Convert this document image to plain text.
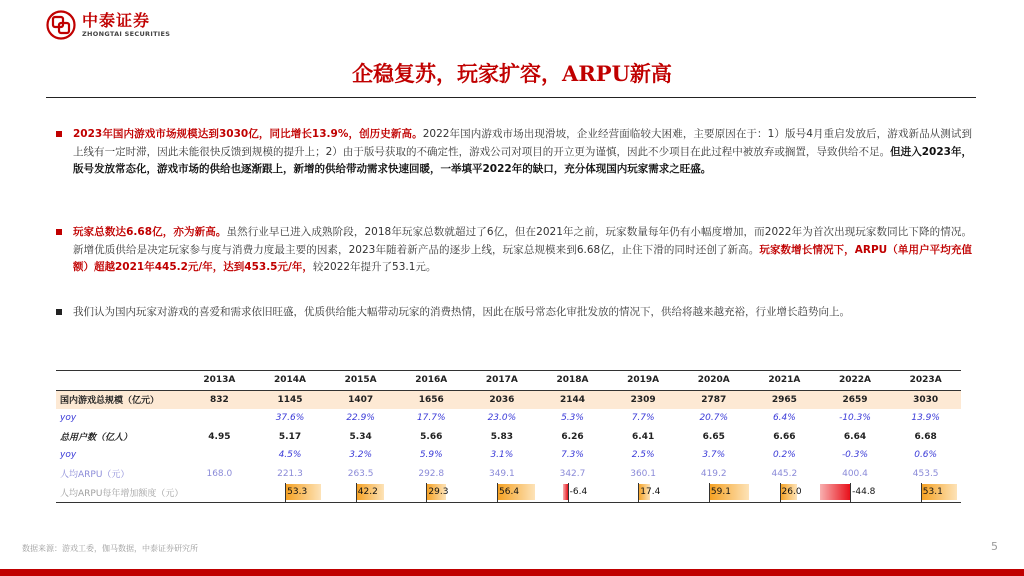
中泰证券
ZHONGTAI SECURITIES
企稳复苏，玩家扩容，ARPU新高
2023年国内游戏市场规模达到3030亿，同比增长13.9%，创历史新高。2022年国内游戏市场出现滑坡，企业经营面临较大困难，主要原因在于：1）版号4月重启发放后，游戏新品从测试到上线有一定时滞，因此未能很快反馈到规模的提升上；2）由于版号获取的不确定性，游戏公司对项目的开立更为谨慎，因此不少项目在此过程中被放弃或搁置，导致供给不足。但进入2023年，版号发放常态化，游戏市场的供给也逐渐跟上，新增的供给带动需求快速回暖，一举填平2022年的缺口，充分体现国内玩家需求之旺盛。
玩家总数达6.68亿，亦为新高。虽然行业早已进入成熟阶段，2018年玩家总数就超过了6亿，但在2021年之前，玩家数量每年仍有小幅度增加，而2022年为首次出现玩家数同比下降的情况。新增优质供给是决定玩家参与度与消费力度最主要的因素，2023年随着新产品的逐步上线，玩家总规模来到6.68亿，止住下滑的同时还创了新高。玩家数增长情况下，ARPU（单用户平均充值额）超越2021年445.2元/年，达到453.5元/年，较2022年提升了53.1元。
我们认为国内玩家对游戏的喜爱和需求依旧旺盛，优质供给能大幅带动玩家的消费热情，因此在版号常态化审批发放的情况下，供给将越来越充裕，行业增长趋势向上。
	2013A	2014A	2015A	2016A	2017A	2018A	2019A	2020A	2021A	2022A	2023A
国内游戏总规模（亿元）	832	1145	1407	1656	2036	2144	2309	2787	2965	2659	3030
yoy		37.6%	22.9%	17.7%	23.0%	5.3%	7.7%	20.7%	6.4%	-10.3%	13.9%
总用户数（亿人）	4.95	5.17	5.34	5.66	5.83	6.26	6.41	6.65	6.66	6.64	6.68
yoy		4.5%	3.2%	5.9%	3.1%	7.3%	2.5%	3.7%	0.2%	-0.3%	0.6%
人均ARPU（元）	168.0	221.3	263.5	292.8	349.1	342.7	360.1	419.2	445.2	400.4	453.5
人均ARPU每年增加额度（元）		53.3	42.2	29.3	56.4	-6.4	17.4	59.1	26.0	-44.8	53.1
数据来源：游戏工委，伽马数据，中泰证券研究所	5
